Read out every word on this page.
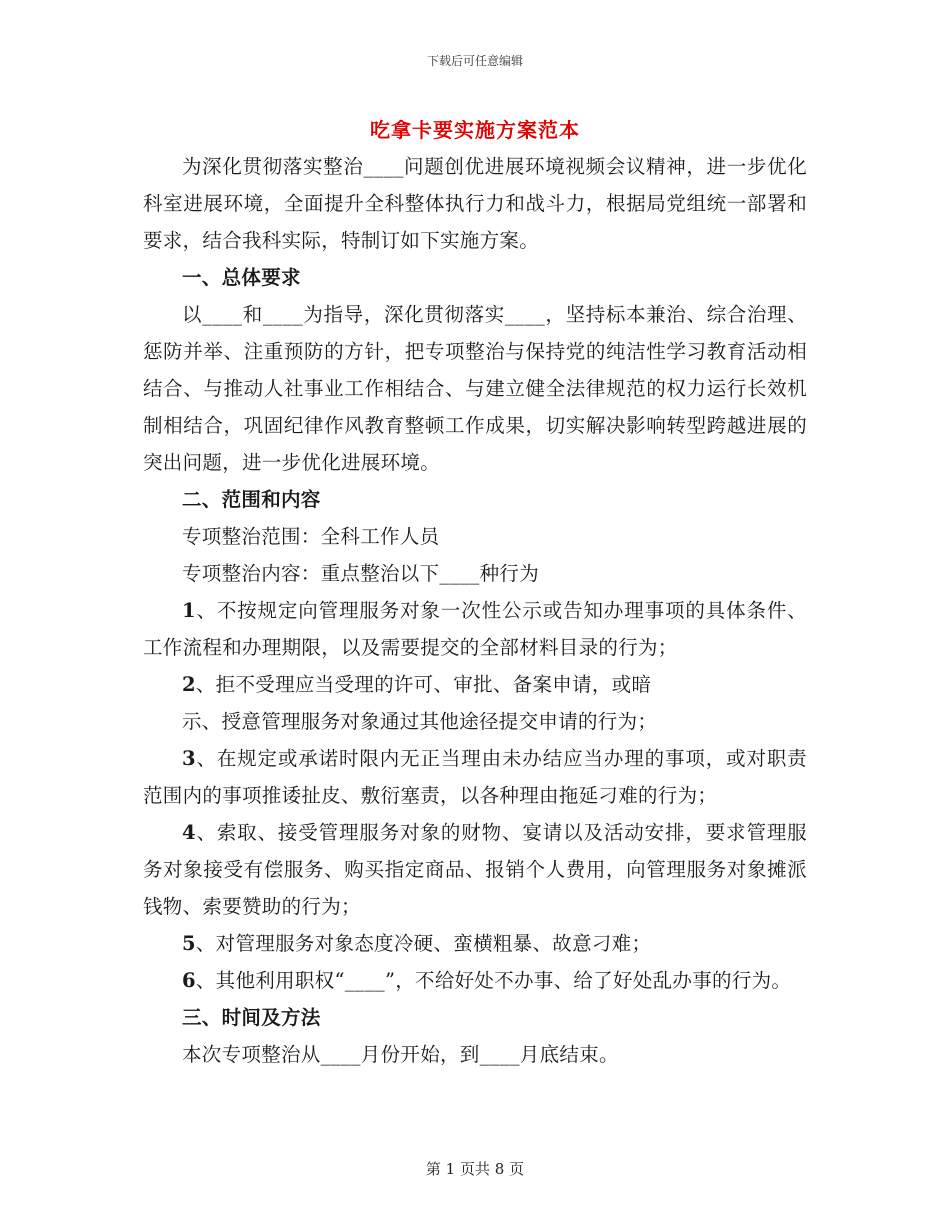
下载后可任意编辑
吃拿卡要实施方案范本

为深化贯彻落实整治____问题创优进展环境视频会议精神，进一步优化科室进展环境，全面提升全科整体执行力和战斗力，根据局党组统一部署和要求，结合我科实际，特制订如下实施方案。

一、总体要求

以____和____为指导，深化贯彻落实____，坚持标本兼治、综合治理、惩防并举、注重预防的方针，把专项整治与保持党的纯洁性学习教育活动相结合、与推动人社事业工作相结合、与建立健全法律规范的权力运行长效机制相结合，巩固纪律作风教育整顿工作成果，切实解决影响转型跨越进展的突出问题，进一步优化进展环境。

二、范围和内容

专项整治范围：全科工作人员

专项整治内容：重点整治以下____种行为

1、不按规定向管理服务对象一次性公示或告知办理事项的具体条件、工作流程和办理期限，以及需要提交的全部材料目录的行为；

2、拒不受理应当受理的许可、审批、备案申请，或暗

示、授意管理服务对象通过其他途径提交申请的行为；

3、在规定或承诺时限内无正当理由未办结应当办理的事项，或对职责范围内的事项推诿扯皮、敷衍塞责，以各种理由拖延刁难的行为；

4、索取、接受管理服务对象的财物、宴请以及活动安排，要求管理服务对象接受有偿服务、购买指定商品、报销个人费用，向管理服务对象摊派钱物、索要赞助的行为；

5、对管理服务对象态度冷硬、蛮横粗暴、故意刁难；

6、其他利用职权“____”，不给好处不办事、给了好处乱办事的行为。

三、时间及方法

本次专项整治从____月份开始，到____月底结束。

第 1 页共 8 页
